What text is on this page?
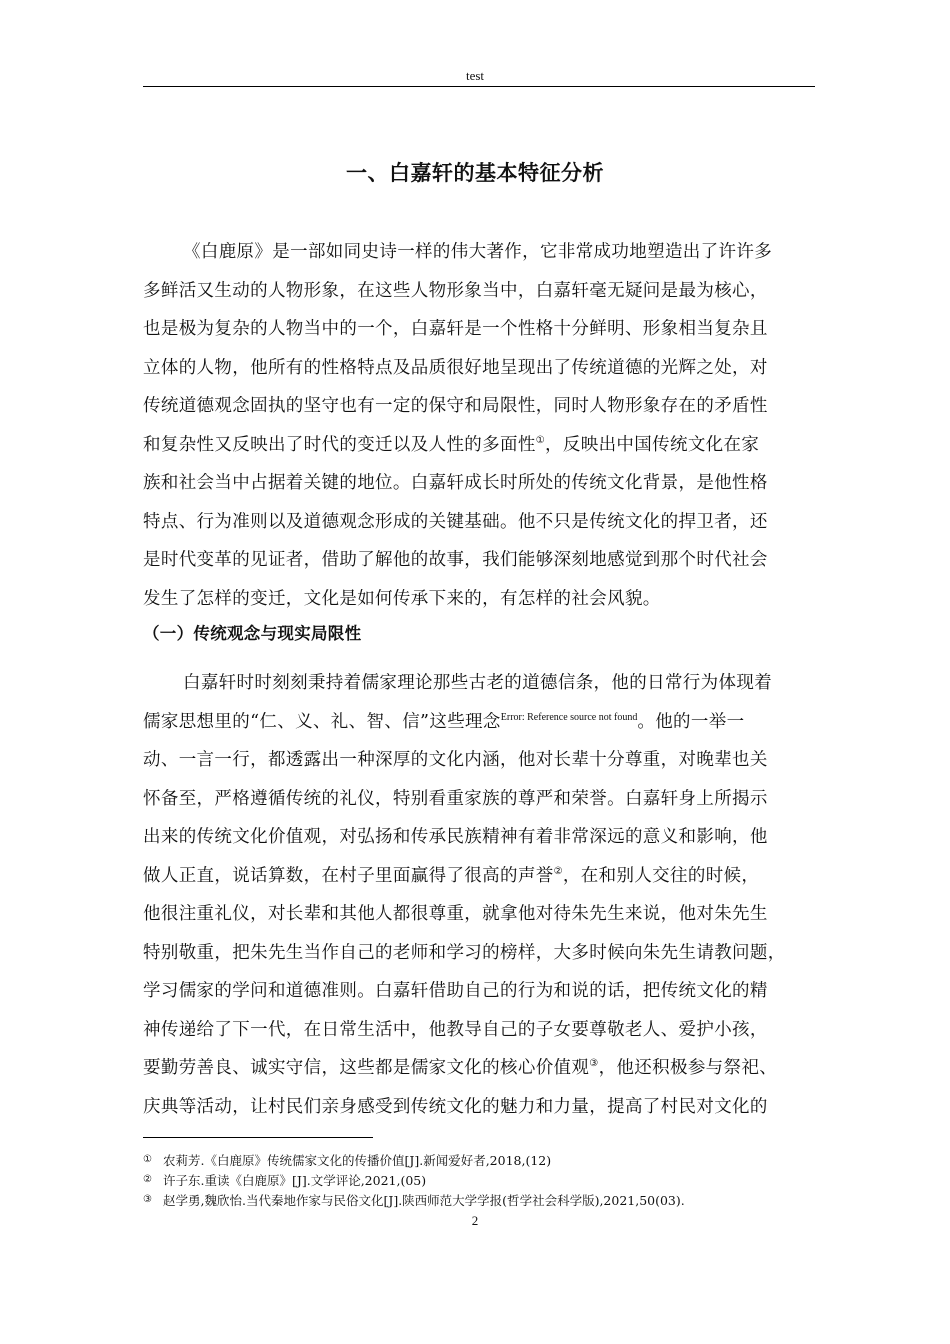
test
一、白嘉轩的基本特征分析
《白鹿原》是一部如同史诗一样的伟大著作，它非常成功地塑造出了许许多
多鲜活又生动的人物形象，在这些人物形象当中，白嘉轩毫无疑问是最为核心，
也是极为复杂的人物当中的一个，白嘉轩是一个性格十分鲜明、形象相当复杂且
立体的人物，他所有的性格特点及品质很好地呈现出了传统道德的光辉之处，对
传统道德观念固执的坚守也有一定的保守和局限性，同时人物形象存在的矛盾性
和复杂性又反映出了时代的变迁以及人性的多面性①，反映出中国传统文化在家
族和社会当中占据着关键的地位。白嘉轩成长时所处的传统文化背景，是他性格
特点、行为准则以及道德观念形成的关键基础。他不只是传统文化的捍卫者，还
是时代变革的见证者，借助了解他的故事，我们能够深刻地感觉到那个时代社会
发生了怎样的变迁，文化是如何传承下来的，有怎样的社会风貌。
（一）传统观念与现实局限性
白嘉轩时时刻刻秉持着儒家理论那些古老的道德信条，他的日常行为体现着
儒家思想里的“仁、义、礼、智、信”这些理念$^{Error: Reference source not found}$。他的一举一
动、一言一行，都透露出一种深厚的文化内涵，他对长辈十分尊重，对晚辈也关
怀备至，严格遵循传统的礼仪，特别看重家族的尊严和荣誉。白嘉轩身上所揭示
出来的传统文化价值观，对弘扬和传承民族精神有着非常深远的意义和影响，他
做人正直，说话算数，在村子里面赢得了很高的声誉②，在和别人交往的时候，
他很注重礼仪，对长辈和其他人都很尊重，就拿他对待朱先生来说，他对朱先生
特别敬重，把朱先生当作自己的老师和学习的榜样，大多时候向朱先生请教问题，
学习儒家的学问和道德准则。白嘉轩借助自己的行为和说的话，把传统文化的精
神传递给了下一代，在日常生活中，他教导自己的子女要尊敬老人、爱护小孩，
要勤劳善良、诚实守信，这些都是儒家文化的核心价值观③，他还积极参与祭祀、
庆典等活动，让村民们亲身感受到传统文化的魅力和力量，提高了村民对文化的
① 农莉芳.《白鹿原》传统儒家文化的传播价值[J].新闻爱好者,2018,(12)
② 许子东.重读《白鹿原》[J].文学评论,2021,(05)
③ 赵学勇,魏欣怡.当代秦地作家与民俗文化[J].陕西师范大学学报(哲学社会科学版),2021,50(03).
2
